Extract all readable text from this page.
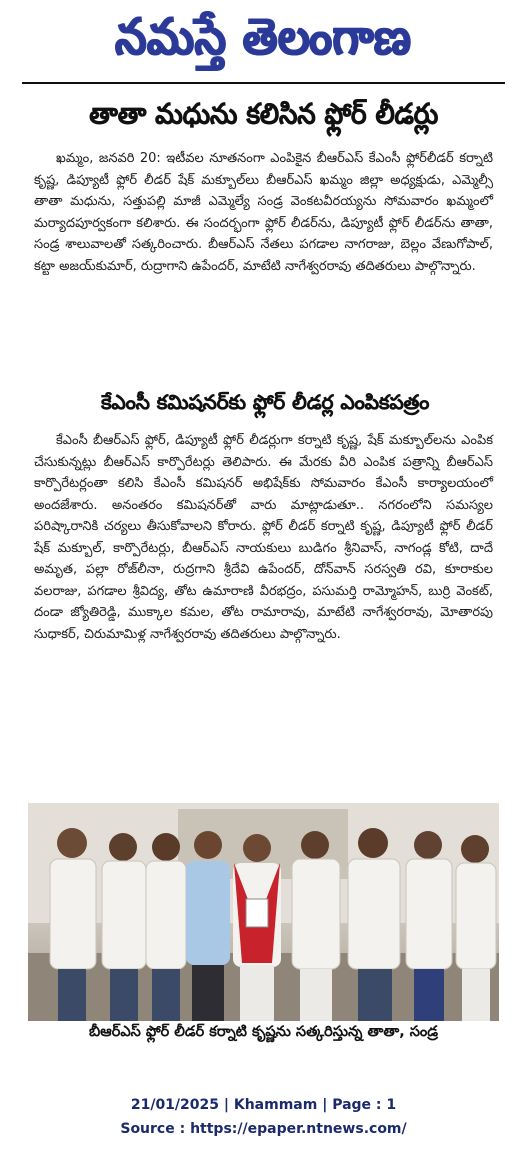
నమస్తే తెలంగాణ
తాతా మధును కలిసిన ఫ్లోర్ లీడర్లు

ఖమ్మం, జనవరి 20: ఇటీవల నూతనంగా ఎంపికైన బీఆర్ఎస్ కేఎంసీ ఫ్లోర్‌లీడర్ కర్నాటి కృష్ణ, డిప్యూటీ ఫ్లోర్ లీడర్ షేక్ మక్బూల్‌లు బీఆర్ఎస్ ఖమ్మం జిల్లా అధ్యక్షుడు, ఎమ్మెల్సీ తాతా మధును, సత్తుపల్లి మాజీ ఎమ్మెల్యే సండ్ర వెంకటవీరయ్యను సోమవారం ఖమ్మంలో మర్యాదపూర్వకంగా కలిశారు. ఈ సందర్భంగా ఫ్లోర్ లీడర్‌ను, డిప్యూటీ ఫ్లోర్ లీడర్‌ను తాతా, సండ్ర శాలువాలతో సత్కరించారు. బీఆర్ఎస్ నేతలు పగడాల నాగరాజు, బెల్లం వేణుగోపాల్, కట్టా అజయ్‌కుమార్, రుద్రాగాని ఉపేందర్, మాటేటి నాగేశ్వరరావు తదితరులు పాల్గొన్నారు.

కేఎంసీ కమిషనర్‌కు ఫ్లోర్ లీడర్ల ఎంపికపత్రం

కేఎంసీ బీఆర్ఎస్ ఫ్లోర్, డిప్యూటీ ఫ్లోర్ లీడర్లుగా కర్నాటి కృష్ణ, షేక్ మక్బూల్‌లను ఎంపిక చేసుకున్నట్లు బీఆర్ఎస్ కార్పొరేటర్లు తెలిపారు. ఈ మేరకు వీరి ఎంపిక పత్రాన్ని బీఆర్ఎస్ కార్పొరేటర్లంతా కలిసి కేఎంసీ కమిషనర్ అభిషేక్‌కు సోమవారం కేఎంసీ కార్యాలయంలో అందజేశారు. అనంతరం కమిషనర్‌తో వారు మాట్లాడుతూ.. నగరంలోని సమస్యల పరిష్కారానికి చర్యలు తీసుకోవాలని కోరారు. ఫ్లోర్ లీడర్ కర్నాటి కృష్ణ, డిప్యూటీ ఫ్లోర్ లీడర్ షేక్ మక్బూల్, కార్పొరేటర్లు, బీఆర్ఎస్ నాయకులు బుడిగం శ్రీనివాస్, నాగండ్ల కోటి, దాదే అమృత, పల్లా రోజ్‌లీనా, రుద్రగాని శ్రీదేవి ఉపేందర్, దోన్‌వాన్ సరస్వతి రవి, కూరాకుల వలరాజు, పగడాల శ్రీవిద్య, తోట ఉమారాణి వీరభద్రం, పసుమర్తి రామ్మోహన్, బుర్రి వెంకట్, దండా జ్యోతిరెడ్డి, ముక్కాల కమల, తోట రామారావు, మాటేటి నాగేశ్వరరావు, మోతారపు సుధాకర్, చిరుమామిళ్ల నాగేశ్వరరావు తదితరులు పాల్గొన్నారు.

బీఆర్ఎస్ ఫ్లోర్ లీడర్ కర్నాటి కృష్ణను సత్కరిస్తున్న తాతా, సండ్ర
21/01/2025 | Khammam | Page : 1
Source : https://epaper.ntnews.com/
